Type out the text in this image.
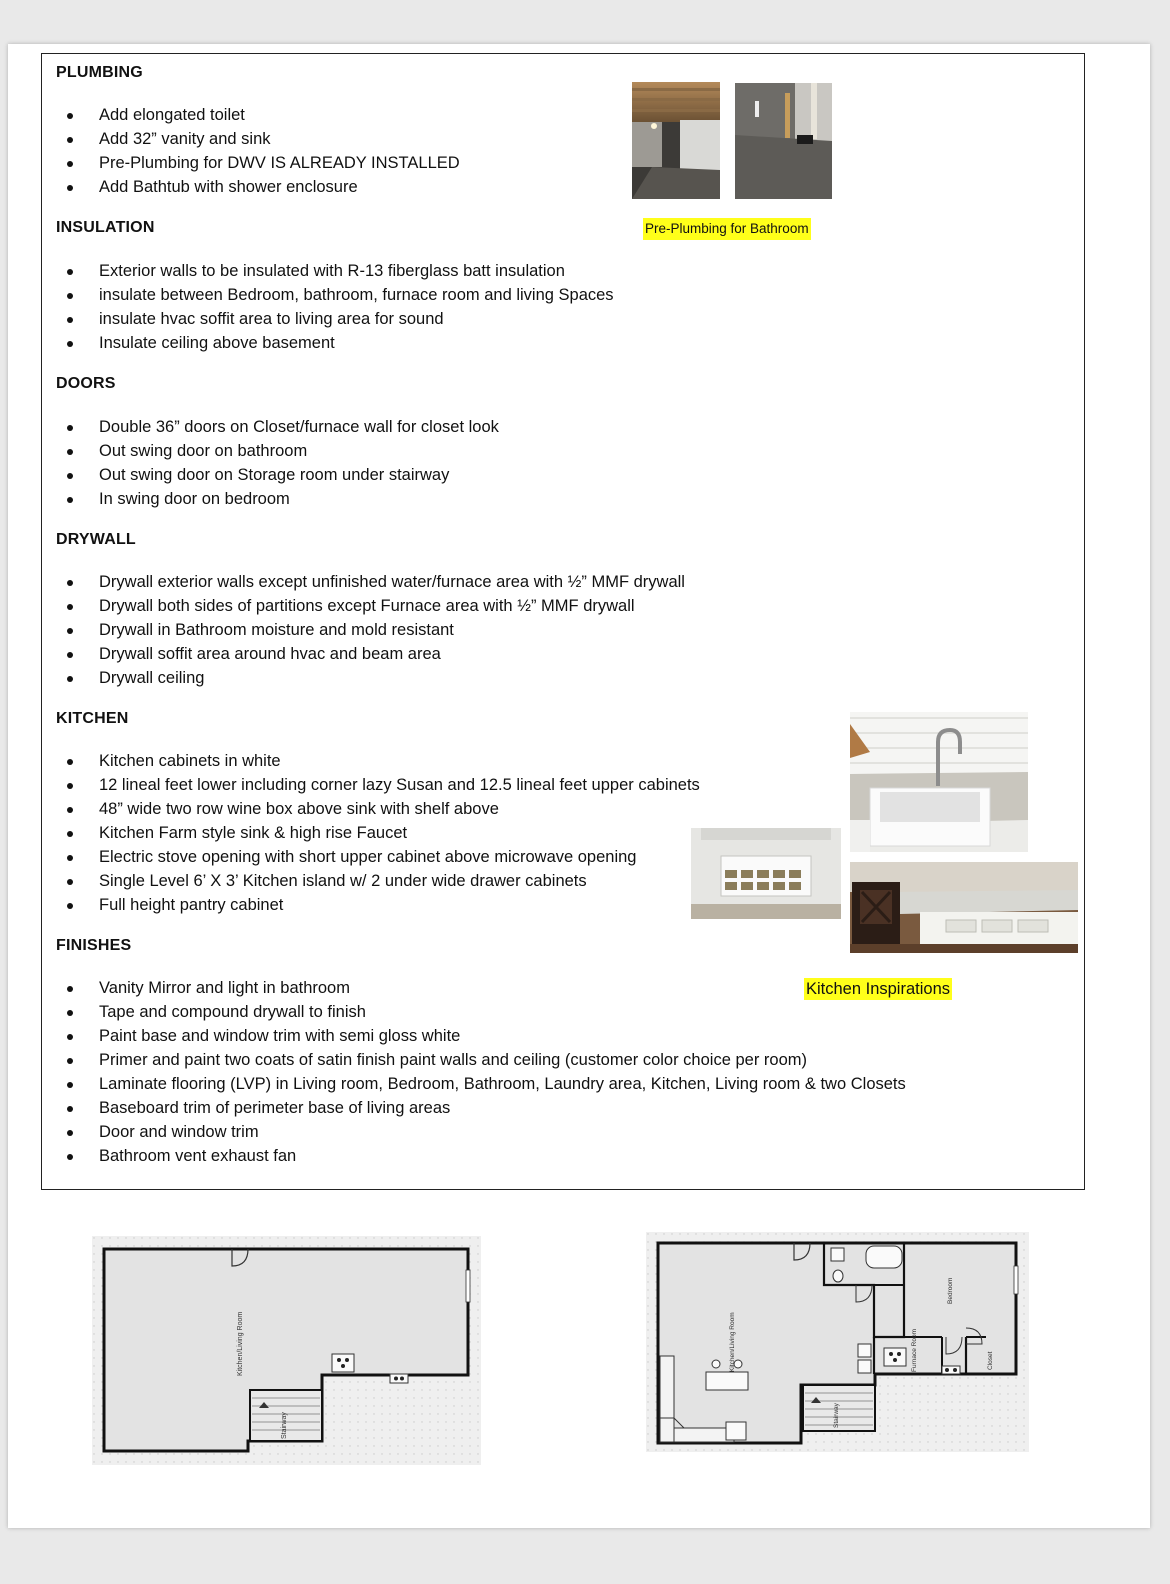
PLUMBING
Add elongated toilet
Add 32” vanity and sink
Pre-Plumbing for DWV IS ALREADY INSTALLED
Add Bathtub with shower enclosure
INSULATION
Exterior walls to be insulated with R-13 fiberglass batt insulation
insulate between Bedroom, bathroom, furnace room and living Spaces
insulate hvac soffit area to living area for sound
Insulate ceiling above basement
DOORS
Double 36” doors on Closet/furnace wall for closet look
Out swing door on bathroom
Out swing door on Storage room under stairway
In swing door on bedroom
DRYWALL
Drywall exterior walls except unfinished water/furnace area with ½” MMF drywall
Drywall both sides of partitions except Furnace area with ½” MMF drywall
Drywall in Bathroom moisture and mold resistant
Drywall soffit area around hvac and beam area
Drywall ceiling
KITCHEN
Kitchen cabinets in white
12 lineal feet lower including corner lazy Susan and 12.5 lineal feet upper cabinets
48” wide two row wine box above sink with shelf above
Kitchen Farm style sink & high rise Faucet
Electric stove opening with short upper cabinet above microwave opening
Single Level 6’ X 3’ Kitchen island w/ 2 under wide drawer cabinets
Full height pantry cabinet
FINISHES
Vanity Mirror and light in bathroom
Tape and compound drywall to finish
Paint base and window trim with semi gloss white
Primer and paint two coats of satin finish paint walls and ceiling (customer color choice per room)
Laminate flooring (LVP) in Living room, Bedroom, Bathroom, Laundry area, Kitchen, Living room & two Closets
Baseboard trim of perimeter base of living areas
Door and window trim
Bathroom vent exhaust fan
Pre-Plumbing for Bathroom
Kitchen Inspirations
Kitchen/Living Room
Stairway
Kitchen/Living Room
Bedroom
Furnace Room	Closet
Stairway
